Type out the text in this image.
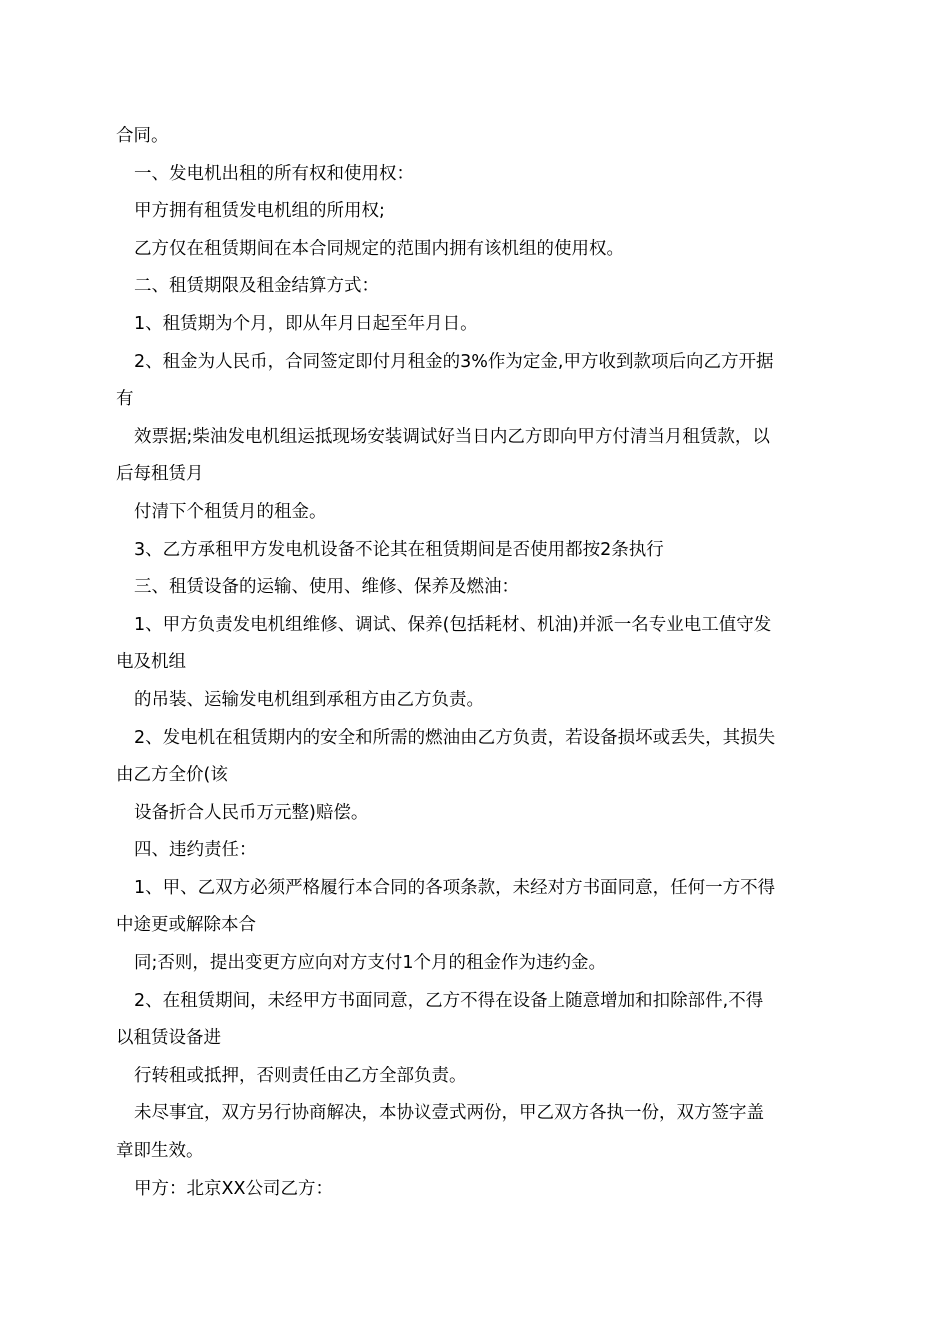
合同。
一、发电机出租的所有权和使用权：
甲方拥有租赁发电机组的所用权;
乙方仅在租赁期间在本合同规定的范围内拥有该机组的使用权。
二、租赁期限及租金结算方式：
1、租赁期为个月，即从年月日起至年月日。
2、租金为人民币，合同签定即付月租金的3%作为定金,甲方收到款项后向乙方开据
有
效票据;柴油发电机组运抵现场安装调试好当日内乙方即向甲方付清当月租赁款，以
后每租赁月
付清下个租赁月的租金。
3、乙方承租甲方发电机设备不论其在租赁期间是否使用都按2条执行
三、租赁设备的运输、使用、维修、保养及燃油：
1、甲方负责发电机组维修、调试、保养(包括耗材、机油)并派一名专业电工值守发
电及机组
的吊装、运输发电机组到承租方由乙方负责。
2、发电机在租赁期内的安全和所需的燃油由乙方负责，若设备损坏或丢失，其损失
由乙方全价(该
设备折合人民币万元整)赔偿。
四、违约责任：
1、甲、乙双方必须严格履行本合同的各项条款，未经对方书面同意，任何一方不得
中途更或解除本合
同;否则，提出变更方应向对方支付1个月的租金作为违约金。
2、在租赁期间，未经甲方书面同意，乙方不得在设备上随意增加和扣除部件,不得
以租赁设备进
行转租或抵押，否则责任由乙方全部负责。
未尽事宜，双方另行协商解决，本协议壹式两份，甲乙双方各执一份，双方签字盖
章即生效。
甲方：北京XX公司乙方：
